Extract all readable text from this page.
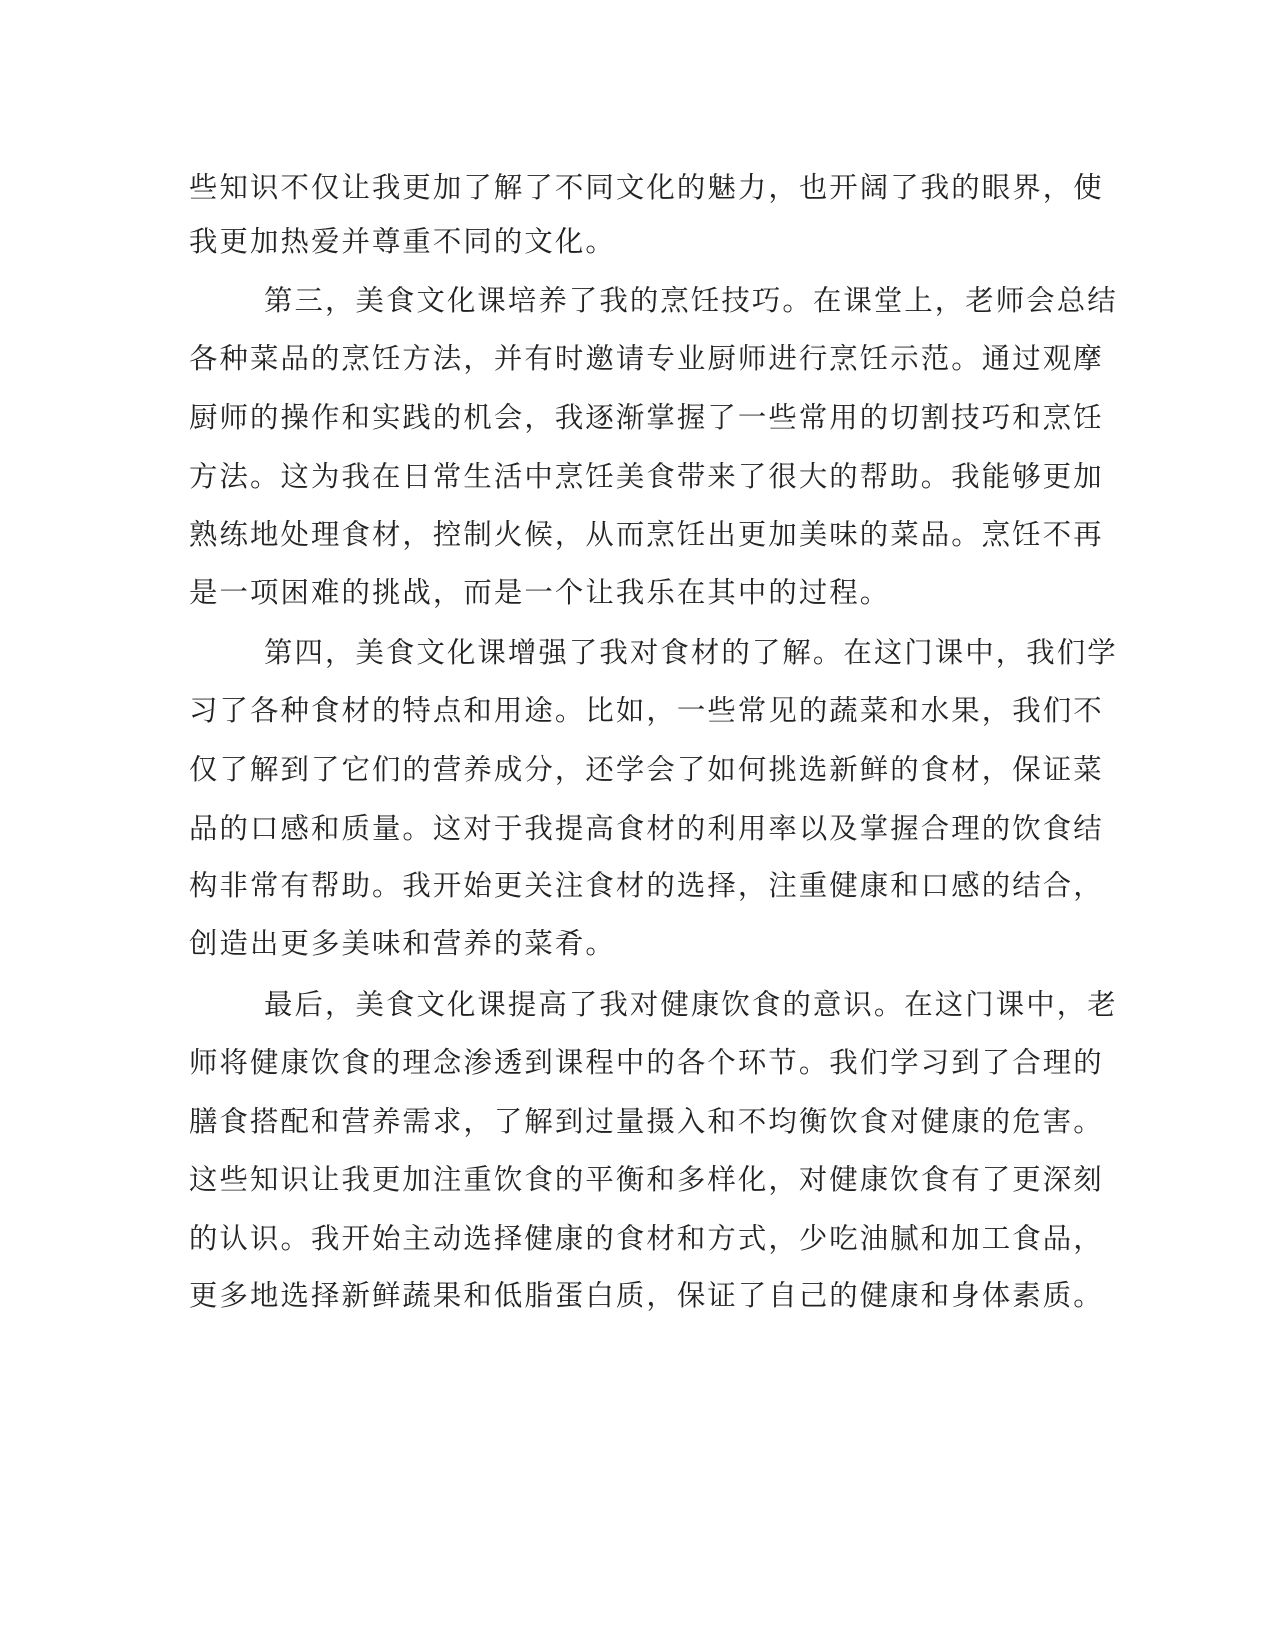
些知识不仅让我更加了解了不同文化的魅力，也开阔了我的眼界，使

我更加热爱并尊重不同的文化。

第三，美食文化课培养了我的烹饪技巧。在课堂上，老师会总结

各种菜品的烹饪方法，并有时邀请专业厨师进行烹饪示范。通过观摩

厨师的操作和实践的机会，我逐渐掌握了一些常用的切割技巧和烹饪

方法。这为我在日常生活中烹饪美食带来了很大的帮助。我能够更加

熟练地处理食材，控制火候，从而烹饪出更加美味的菜品。烹饪不再

是一项困难的挑战，而是一个让我乐在其中的过程。

第四，美食文化课增强了我对食材的了解。在这门课中，我们学

习了各种食材的特点和用途。比如，一些常见的蔬菜和水果，我们不

仅了解到了它们的营养成分，还学会了如何挑选新鲜的食材，保证菜

品的口感和质量。这对于我提高食材的利用率以及掌握合理的饮食结

构非常有帮助。我开始更关注食材的选择，注重健康和口感的结合，

创造出更多美味和营养的菜肴。

最后，美食文化课提高了我对健康饮食的意识。在这门课中，老

师将健康饮食的理念渗透到课程中的各个环节。我们学习到了合理的

膳食搭配和营养需求，了解到过量摄入和不均衡饮食对健康的危害。

这些知识让我更加注重饮食的平衡和多样化，对健康饮食有了更深刻

的认识。我开始主动选择健康的食材和方式，少吃油腻和加工食品，

更多地选择新鲜蔬果和低脂蛋白质，保证了自己的健康和身体素质。
